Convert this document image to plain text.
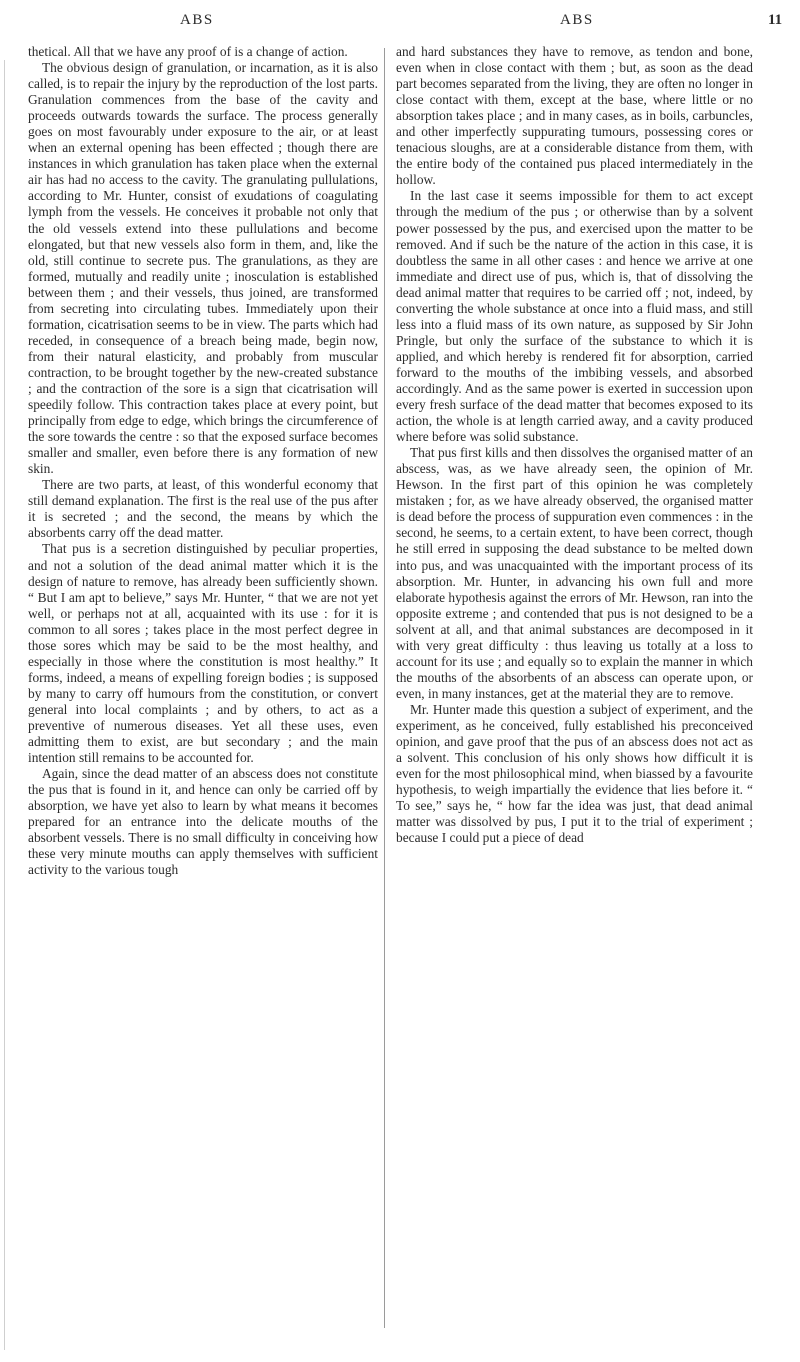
ABS	ABS	11

thetical. All that we have any proof of is a change of action.

The obvious design of granulation, or incarnation, as it is also called, is to repair the injury by the reproduction of the lost parts. Granulation commences from the base of the cavity and proceeds outwards towards the surface. The process generally goes on most favourably under exposure to the air, or at least when an external opening has been effected ; though there are instances in which granulation has taken place when the external air has had no access to the cavity. The granulating pullulations, according to Mr. Hunter, consist of exudations of coagulating lymph from the vessels. He conceives it probable not only that the old vessels extend into these pullulations and become elongated, but that new vessels also form in them, and, like the old, still continue to secrete pus. The granulations, as they are formed, mutually and readily unite ; inosculation is established between them ; and their vessels, thus joined, are transformed from secreting into circulating tubes. Immediately upon their formation, cicatrisation seems to be in view. The parts which had receded, in consequence of a breach being made, begin now, from their natural elasticity, and probably from muscular contraction, to be brought together by the new-created substance ; and the contraction of the sore is a sign that cicatrisation will speedily follow. This contraction takes place at every point, but principally from edge to edge, which brings the circumference of the sore towards the centre : so that the exposed surface becomes smaller and smaller, even before there is any formation of new skin.

There are two parts, at least, of this wonderful economy that still demand explanation. The first is the real use of the pus after it is secreted ; and the second, the means by which the absorbents carry off the dead matter.

That pus is a secretion distinguished by peculiar properties, and not a solution of the dead animal matter which it is the design of nature to remove, has already been sufficiently shown. “ But I am apt to believe,” says Mr. Hunter, “ that we are not yet well, or perhaps not at all, acquainted with its use : for it is common to all sores ; takes place in the most perfect degree in those sores which may be said to be the most healthy, and especially in those where the constitution is most healthy.” It forms, indeed, a means of expelling foreign bodies ; is supposed by many to carry off humours from the constitution, or convert general into local complaints ; and by others, to act as a preventive of numerous diseases. Yet all these uses, even admitting them to exist, are but secondary ; and the main intention still remains to be accounted for.

Again, since the dead matter of an abscess does not constitute the pus that is found in it, and hence can only be carried off by absorption, we have yet also to learn by what means it becomes prepared for an entrance into the delicate mouths of the absorbent vessels. There is no small difficulty in conceiving how these very minute mouths can apply themselves with sufficient activity to the various tough

and hard substances they have to remove, as tendon and bone, even when in close contact with them ; but, as soon as the dead part becomes separated from the living, they are often no longer in close contact with them, except at the base, where little or no absorption takes place ; and in many cases, as in boils, carbuncles, and other imperfectly suppurating tumours, possessing cores or tenacious sloughs, are at a considerable distance from them, with the entire body of the contained pus placed intermediately in the hollow.

In the last case it seems impossible for them to act except through the medium of the pus ; or otherwise than by a solvent power possessed by the pus, and exercised upon the matter to be removed. And if such be the nature of the action in this case, it is doubtless the same in all other cases : and hence we arrive at one immediate and direct use of pus, which is, that of dissolving the dead animal matter that requires to be carried off ; not, indeed, by converting the whole substance at once into a fluid mass, and still less into a fluid mass of its own nature, as supposed by Sir John Pringle, but only the surface of the substance to which it is applied, and which hereby is rendered fit for absorption, carried forward to the mouths of the imbibing vessels, and absorbed accordingly. And as the same power is exerted in succession upon every fresh surface of the dead matter that becomes exposed to its action, the whole is at length carried away, and a cavity produced where before was solid substance.

That pus first kills and then dissolves the organised matter of an abscess, was, as we have already seen, the opinion of Mr. Hewson. In the first part of this opinion he was completely mistaken ; for, as we have already observed, the organised matter is dead before the process of suppuration even commences : in the second, he seems, to a certain extent, to have been correct, though he still erred in supposing the dead substance to be melted down into pus, and was unacquainted with the important process of its absorption. Mr. Hunter, in advancing his own full and more elaborate hypothesis against the errors of Mr. Hewson, ran into the opposite extreme ; and contended that pus is not designed to be a solvent at all, and that animal substances are decomposed in it with very great difficulty : thus leaving us totally at a loss to account for its use ; and equally so to explain the manner in which the mouths of the absorbents of an abscess can operate upon, or even, in many instances, get at the material they are to remove.

Mr. Hunter made this question a subject of experiment, and the experiment, as he conceived, fully established his preconceived opinion, and gave proof that the pus of an abscess does not act as a solvent. This conclusion of his only shows how difficult it is even for the most philosophical mind, when biassed by a favourite hypothesis, to weigh impartially the evidence that lies before it. “ To see,” says he, “ how far the idea was just, that dead animal matter was dissolved by pus, I put it to the trial of experiment ; because I could put a piece of dead
